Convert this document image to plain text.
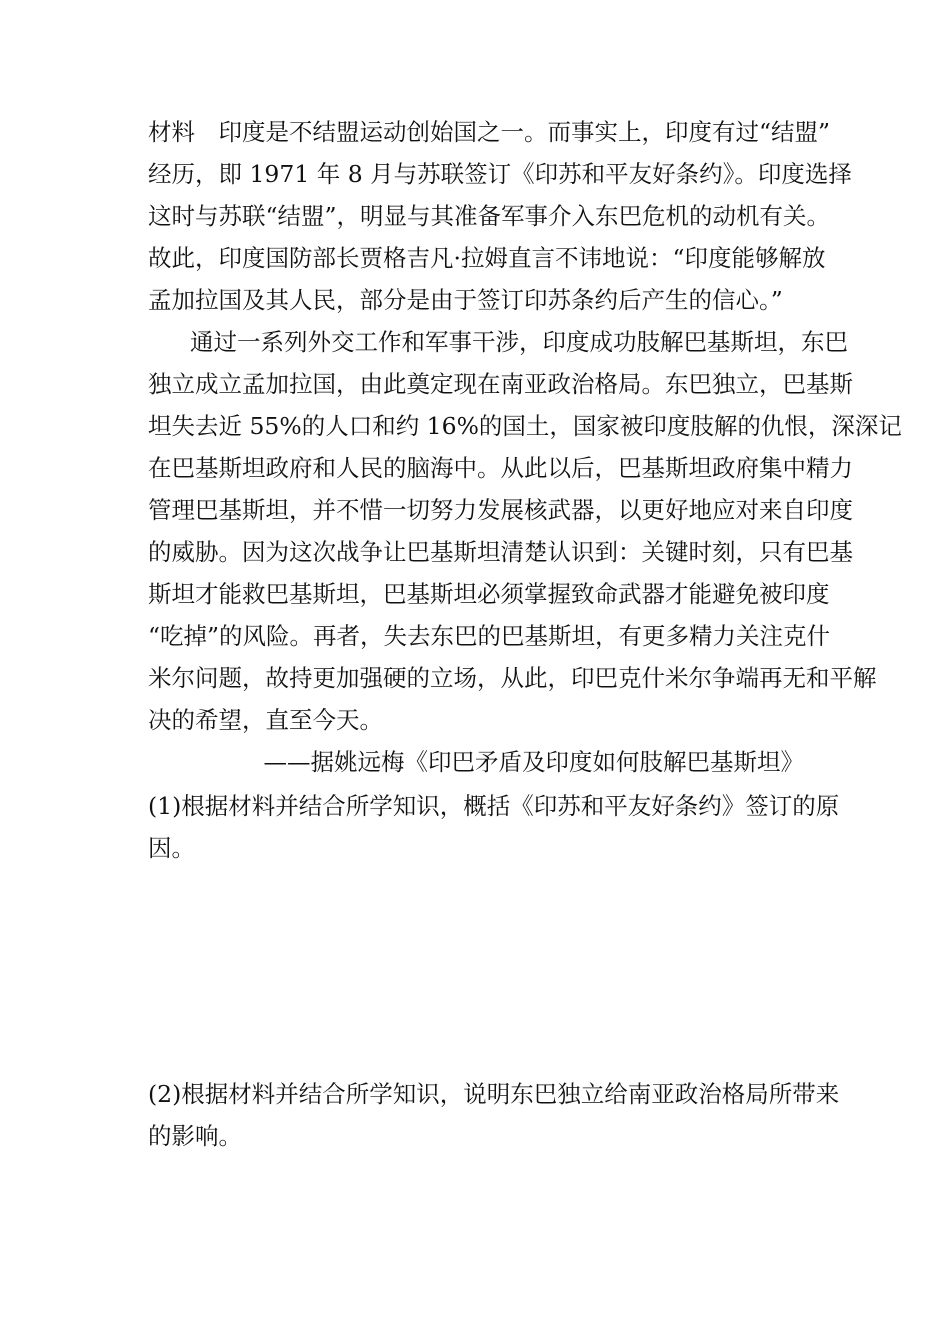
材料　印度是不结盟运动创始国之一。而事实上，印度有过“结盟”
经历，即 1971 年 8 月与苏联签订《印苏和平友好条约》。印度选择
这时与苏联“结盟”，明显与其准备军事介入东巴危机的动机有关。
故此，印度国防部长贾格吉凡·拉姆直言不讳地说：“印度能够解放
孟加拉国及其人民，部分是由于签订印苏条约后产生的信心。”
通过一系列外交工作和军事干涉，印度成功肢解巴基斯坦，东巴
独立成立孟加拉国，由此奠定现在南亚政治格局。东巴独立，巴基斯
坦失去近 55%的人口和约 16%的国土，国家被印度肢解的仇恨，深深记
在巴基斯坦政府和人民的脑海中。从此以后，巴基斯坦政府集中精力
管理巴基斯坦，并不惜一切努力发展核武器，以更好地应对来自印度
的威胁。因为这次战争让巴基斯坦清楚认识到：关键时刻，只有巴基
斯坦才能救巴基斯坦，巴基斯坦必须掌握致命武器才能避免被印度
“吃掉”的风险。再者，失去东巴的巴基斯坦，有更多精力关注克什
米尔问题，故持更加强硬的立场，从此，印巴克什米尔争端再无和平解
决的希望，直至今天。
——据姚远梅《印巴矛盾及印度如何肢解巴基斯坦》
(1)根据材料并结合所学知识，概括《印苏和平友好条约》签订的原
因。
(2)根据材料并结合所学知识，说明东巴独立给南亚政治格局所带来
的影响。
